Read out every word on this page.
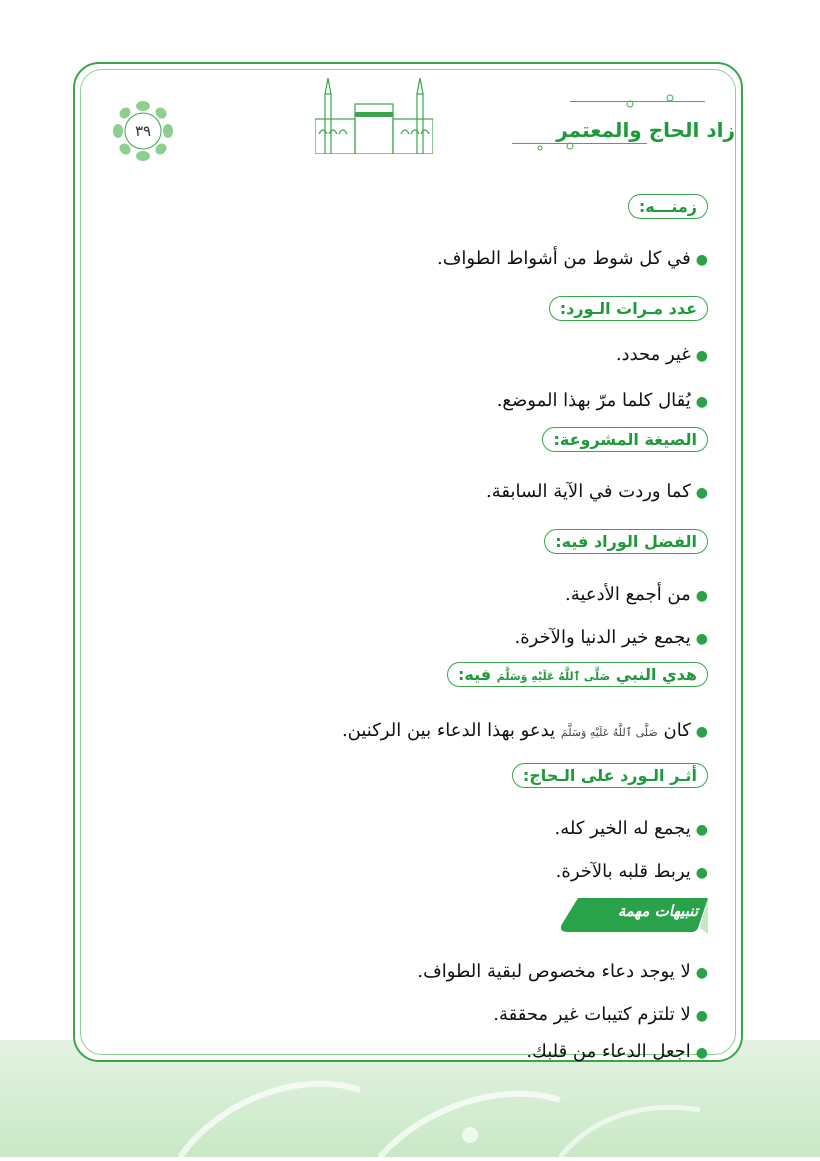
زاد الحاج والمعتمر
٣٩
زمنـــه:
●في كل شوط من أشواط الطواف.
عدد مـرات الـورد:
●غير محدد.
●يُقال كلما مرّ بهذا الموضع.
الصيغة المشروعة:
●كما وردت في الآية السابقة.
الفضل الوراد فيه:
●من أجمع الأدعية.
●يجمع خير الدنيا والآخرة.
هدي النبي صَلَّى ٱللَّهُ عَلَيْهِ وَسَلَّمَ فيه:
●كان صَلَّى ٱللَّهُ عَلَيْهِ وَسَلَّمَ يدعو بهذا الدعاء بين الركنين.
أثـر الـورد على الـحاج:
●يجمع له الخير كله.
●يربط قلبه بالآخرة.
تنبيهات مهمة
●لا يوجد دعاء مخصوص لبقية الطواف.
●لا تلتزم كتيبات غير محققة.
●اجعل الدعاء من قلبك.
